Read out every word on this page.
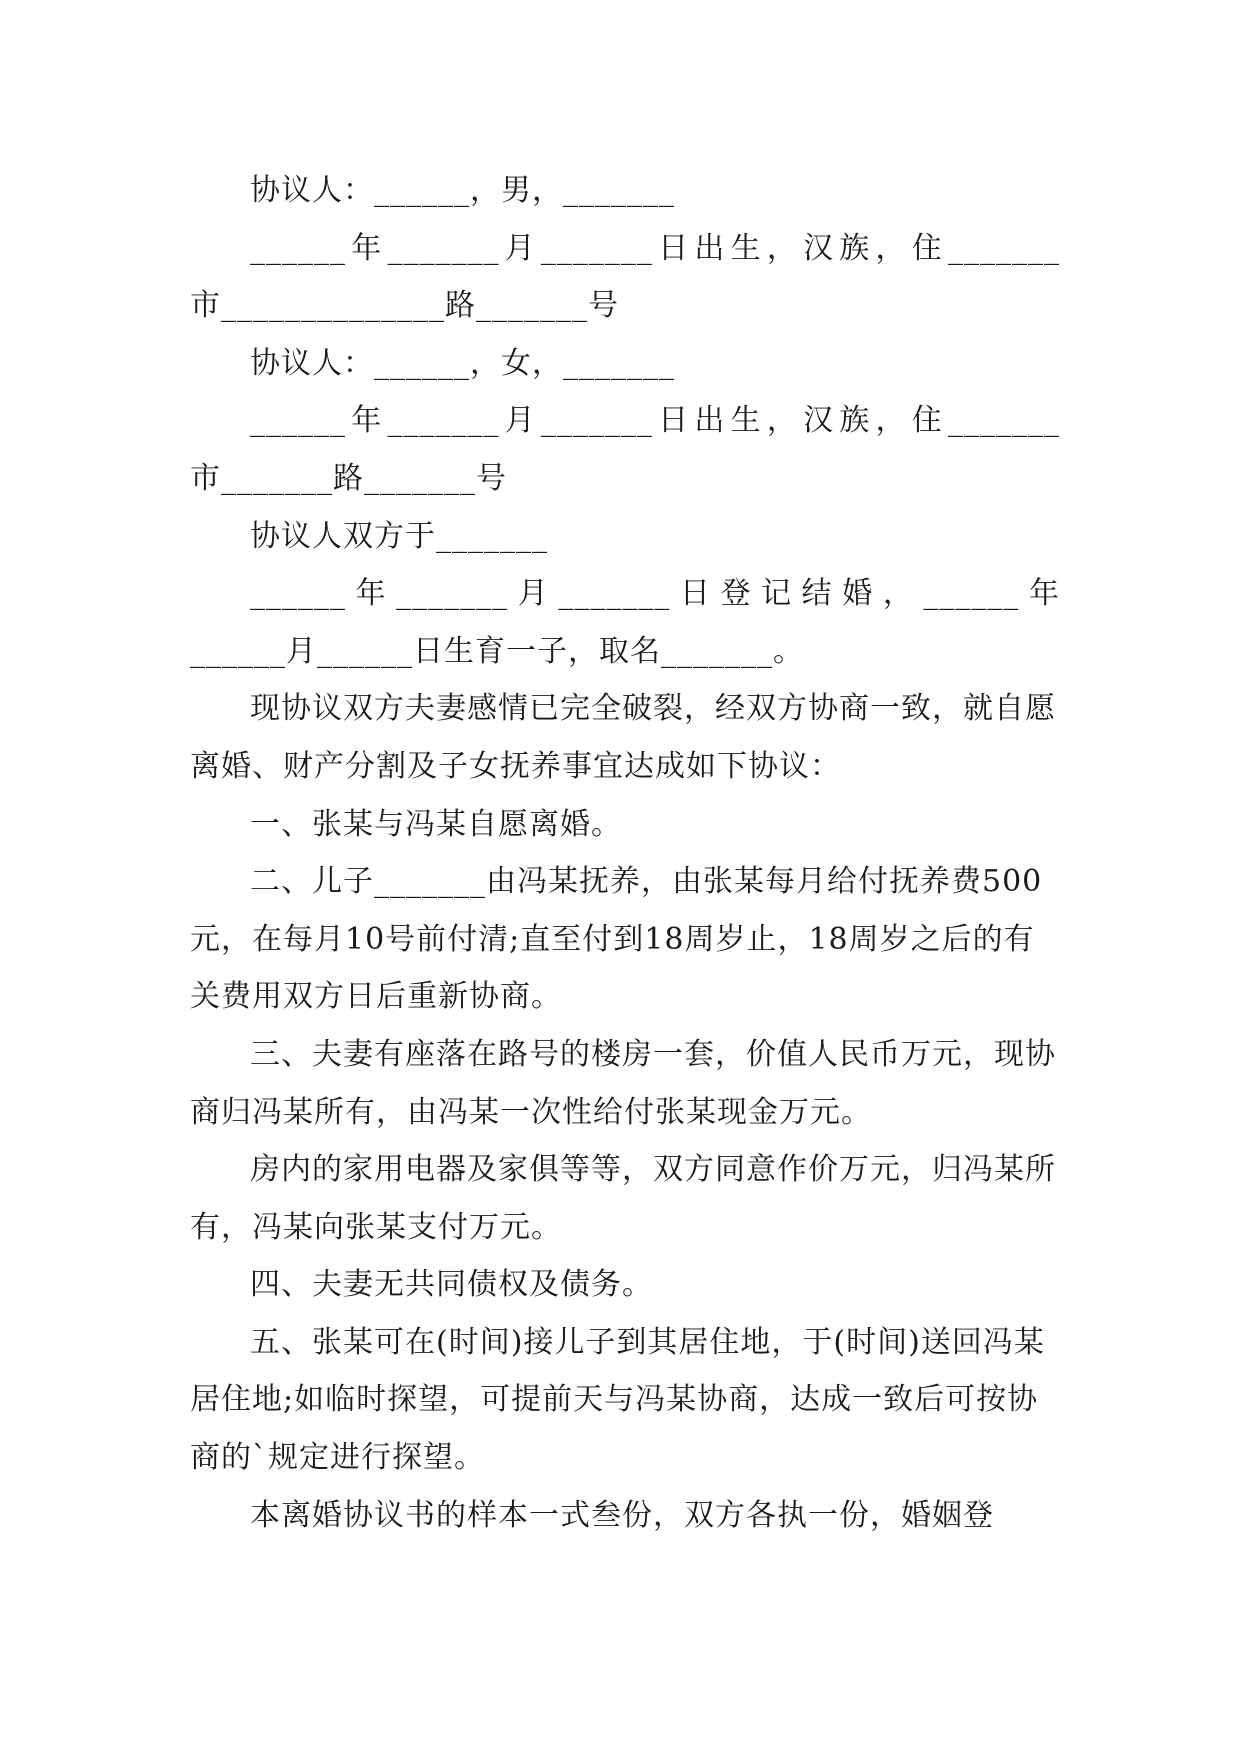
协议人：______，男，_______

______年_______月_______日出生，汉族，住_______

市______________路_______号

协议人：______，女，_______

______年_______月_______日出生，汉族，住_______

市_______路_______号

协议人双方于_______

______年_______月_______日登记结婚，______年

______月______日生育一子，取名_______。

现协议双方夫妻感情已完全破裂，经双方协商一致，就自愿离婚、财产分割及子女抚养事宜达成如下协议：

一、张某与冯某自愿离婚。

二、儿子_______由冯某抚养，由张某每月给付抚养费500元，在每月10号前付清;直至付到18周岁止，18周岁之后的有关费用双方日后重新协商。

三、夫妻有座落在路号的楼房一套，价值人民币万元，现协商归冯某所有，由冯某一次性给付张某现金万元。

房内的家用电器及家俱等等，双方同意作价万元，归冯某所有，冯某向张某支付万元。

四、夫妻无共同债权及债务。

五、张某可在(时间)接儿子到其居住地，于(时间)送回冯某居住地;如临时探望，可提前天与冯某协商，达成一致后可按协商的`规定进行探望。

本离婚协议书的样本一式叁份，双方各执一份，婚姻登
